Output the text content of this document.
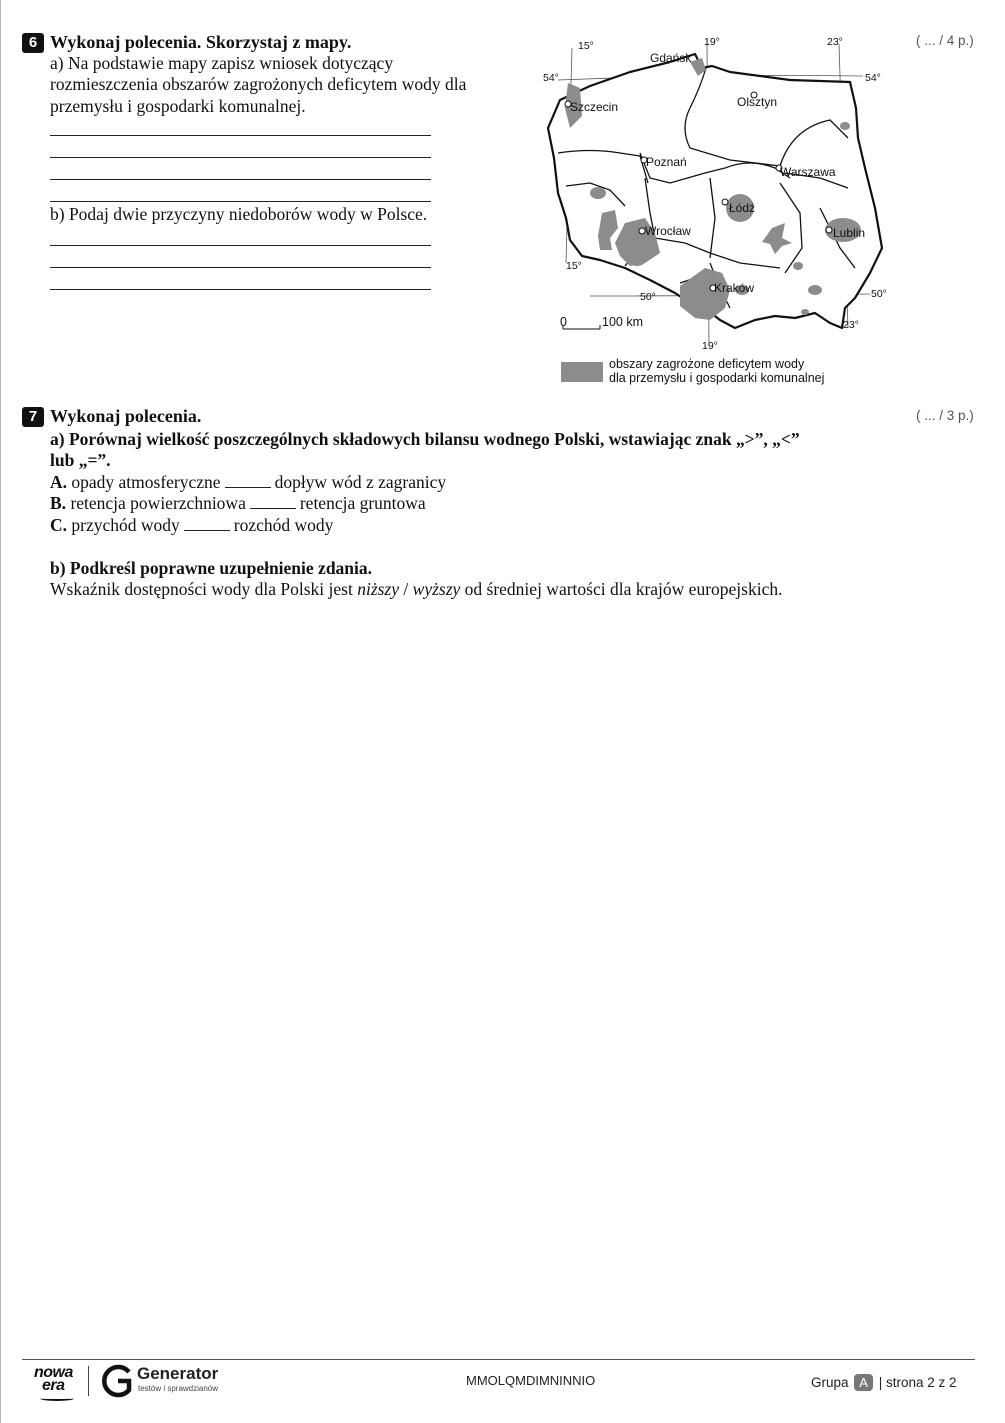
6 Wykonaj polecenia. Skorzystaj z mapy.	( ... / 4 p.)
a) Na podstawie mapy zapisz wniosek dotyczący
rozmieszczenia obszarów zagrożonych deficytem wody dla
przemysłu i gospodarki komunalnej.
b) Podaj dwie przyczyny niedoborów wody w Polsce.
Gdańsk
Olsztyn
Szczecin
Poznań
Warszawa
Łódź
Wrocław	Lublin
Kraków
15°	19°	23°
54°	54°
15°
50°	50°
23°
19°
0	100 km
obszary zagrożone deficytem wody
dla przemysłu i gospodarki komunalnej
7 Wykonaj polecenia.	( ... / 3 p.)
a) Porównaj wielkość poszczególnych składowych bilansu wodnego Polski, wstawiając znak „>”, „<”
lub „=”.
A. opady atmosferyczne	dopływ wód z zagranicy
B. retencja powierzchniowa	retencja gruntowa
C. przychód wody	rozchód wody
b) Podkreśl poprawne uzupełnienie zdania.
Wskaźnik dostępności wody dla Polski jest niższy / wyższy od średniej wartości dla krajów europejskich.
nowa
era
Generator
testów i sprawdzianów
MMOLQMDIMNINNIO	Grupa A | strona 2 z 2
